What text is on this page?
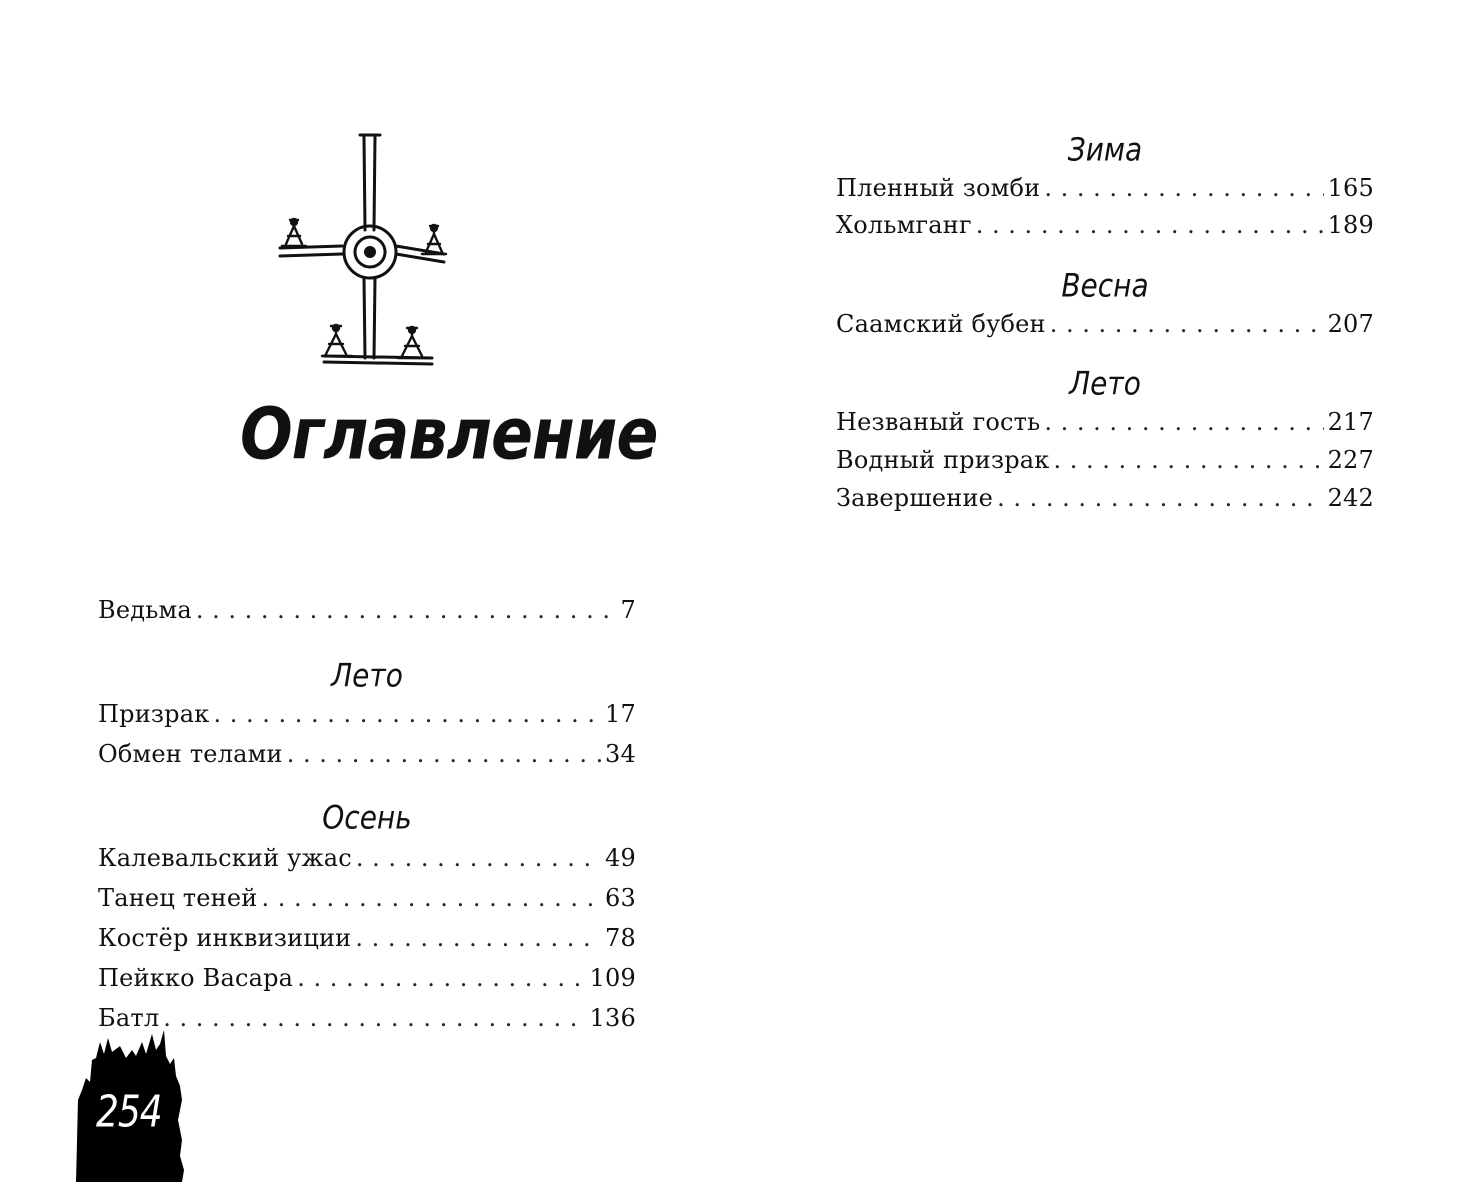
Оглавление
Ведьма . . .	7
Лето
Призрак . . .	17
Обмен телами . . .	34
Осень
Калевальский ужас . . .	49
Танец теней . . .	63
Костёр инквизиции . . .	78
Пейкко Васара . . .	109
Батл . . .	136
254
Зима
Пленный зомби . . .	165
Хольмганг . . .	189
Весна
Саамский бубен . . .	207
Лето
Незваный гость . . .	217
Водный призрак . . .	227
Завершение . . .	242
